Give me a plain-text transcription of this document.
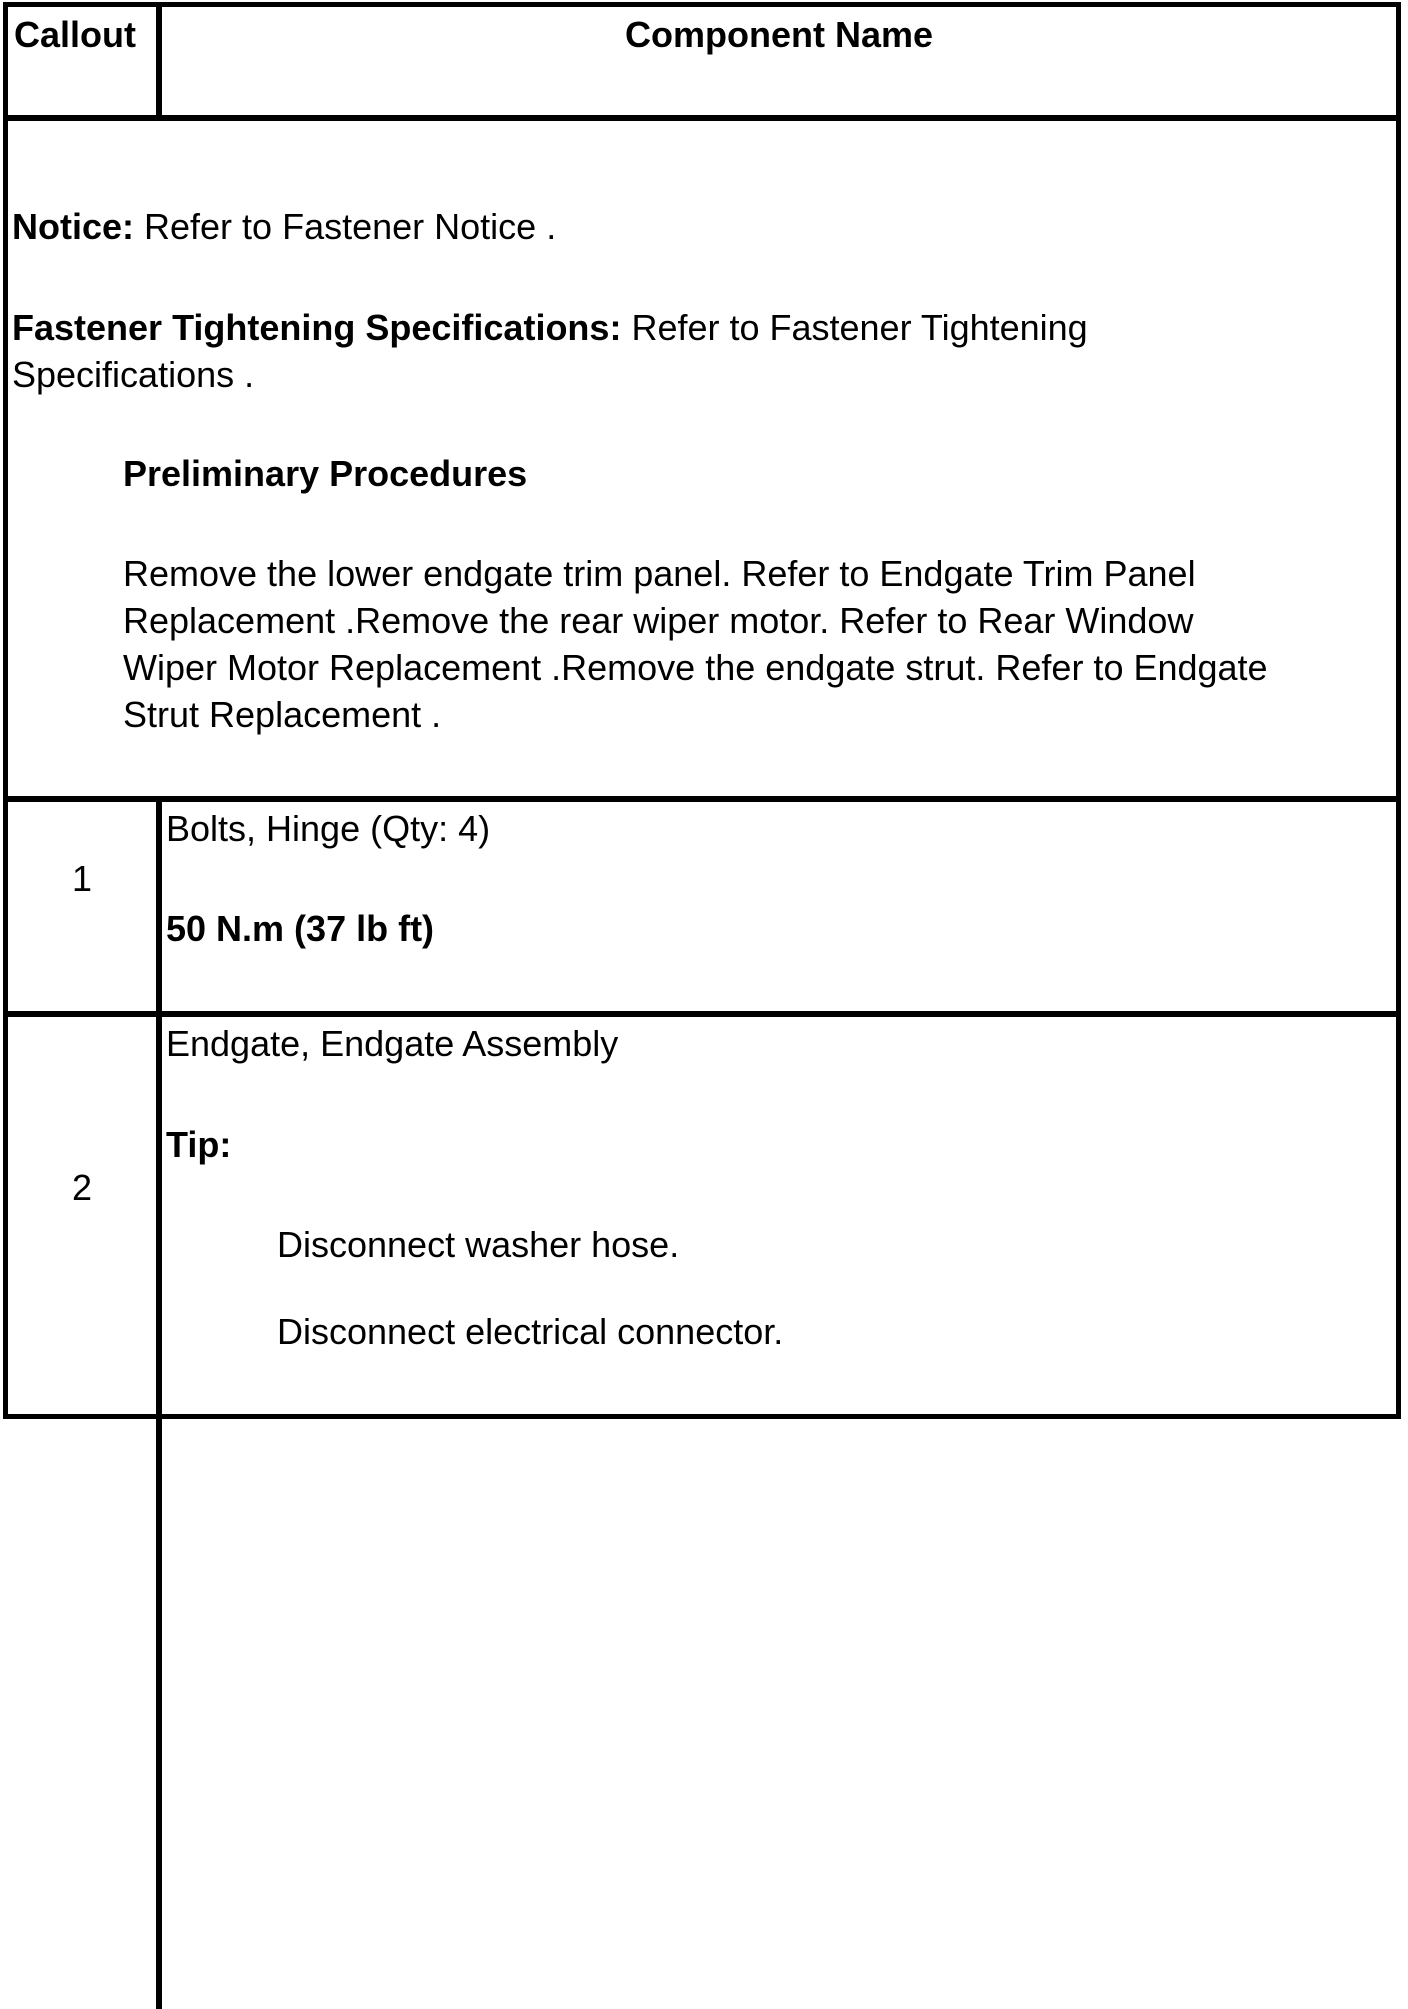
Callout	Component Name
Notice: Refer to Fastener Notice .
Fastener Tightening Specifications: Refer to Fastener Tightening
Specifications .
Preliminary Procedures
Remove the lower endgate trim panel. Refer to Endgate Trim Panel
Replacement .Remove the rear wiper motor. Refer to Rear Window
Wiper Motor Replacement .Remove the endgate strut. Refer to Endgate
Strut Replacement .
1
Bolts, Hinge (Qty: 4)
50 N.m (37 lb ft)
2
Endgate, Endgate Assembly
Tip:
Disconnect washer hose.
Disconnect electrical connector.
